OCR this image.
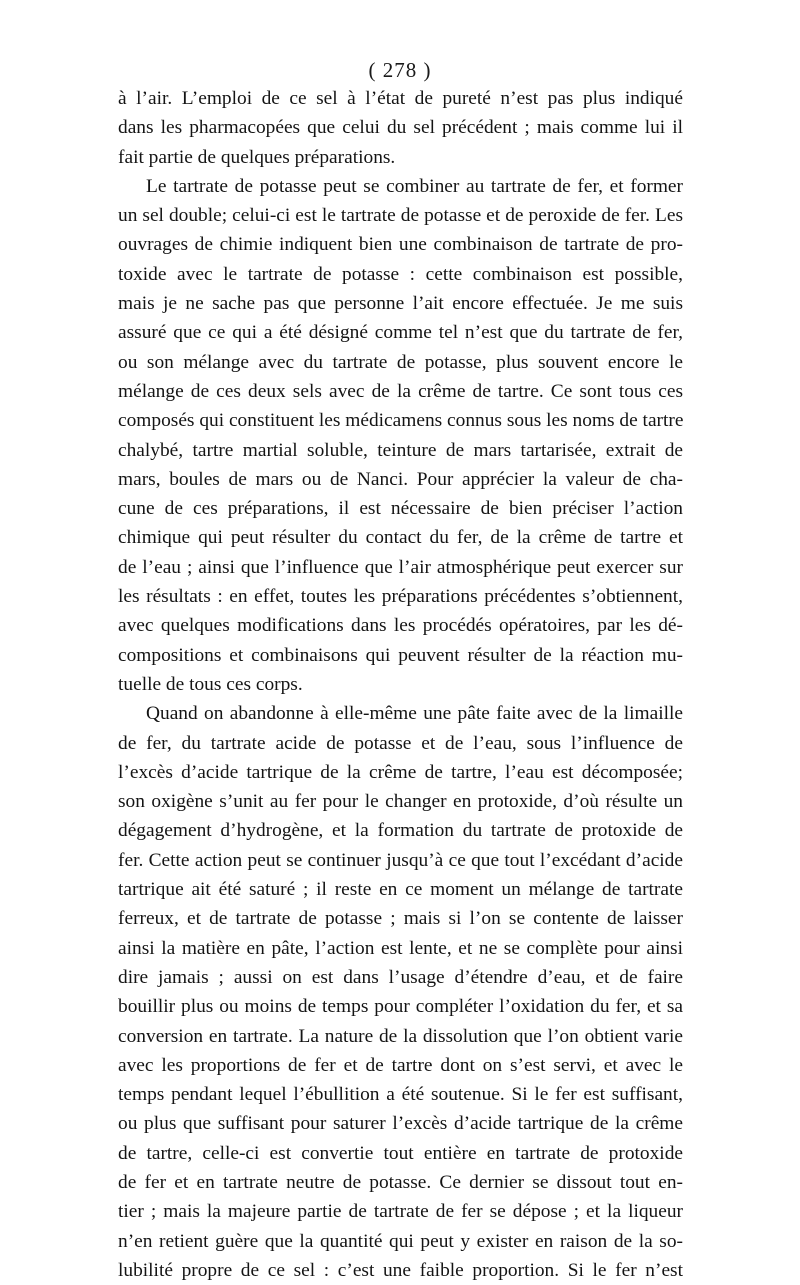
( 278 )
à l’air. L’emploi de ce sel à l’état de pureté n’est pas plus indiqué
dans les pharmacopées que celui du sel précédent ; mais comme lui il
fait partie de quelques préparations.
Le tartrate de potasse peut se combiner au tartrate de fer, et former
un sel double; celui-ci est le tartrate de potasse et de peroxide de fer. Les
ouvrages de chimie indiquent bien une combinaison de tartrate de pro-
toxide avec le tartrate de potasse : cette combinaison est possible,
mais je ne sache pas que personne l’ait encore effectuée. Je me suis
assuré que ce qui a été désigné comme tel n’est que du tartrate de fer,
ou son mélange avec du tartrate de potasse, plus souvent encore le
mélange de ces deux sels avec de la crême de tartre. Ce sont tous ces
composés qui constituent les médicamens connus sous les noms de tartre
chalybé, tartre martial soluble, teinture de mars tartarisée, extrait de
mars, boules de mars ou de Nanci. Pour apprécier la valeur de cha-
cune de ces préparations, il est nécessaire de bien préciser l’action
chimique qui peut résulter du contact du fer, de la crême de tartre et
de l’eau ; ainsi que l’influence que l’air atmosphérique peut exercer sur
les résultats : en effet, toutes les préparations précédentes s’obtiennent,
avec quelques modifications dans les procédés opératoires, par les dé-
compositions et combinaisons qui peuvent résulter de la réaction mu-
tuelle de tous ces corps.
Quand on abandonne à elle-même une pâte faite avec de la limaille
de fer, du tartrate acide de potasse et de l’eau, sous l’influence de
l’excès d’acide tartrique de la crême de tartre, l’eau est décomposée;
son oxigène s’unit au fer pour le changer en protoxide, d’où résulte un
dégagement d’hydrogène, et la formation du tartrate de protoxide de
fer. Cette action peut se continuer jusqu’à ce que tout l’excédant d’acide
tartrique ait été saturé ; il reste en ce moment un mélange de tartrate
ferreux, et de tartrate de potasse ; mais si l’on se contente de laisser
ainsi la matière en pâte, l’action est lente, et ne se complète pour ainsi
dire jamais ; aussi on est dans l’usage d’étendre d’eau, et de faire
bouillir plus ou moins de temps pour compléter l’oxidation du fer, et sa
conversion en tartrate. La nature de la dissolution que l’on obtient varie
avec les proportions de fer et de tartre dont on s’est servi, et avec le
temps pendant lequel l’ébullition a été soutenue. Si le fer est suffisant,
ou plus que suffisant pour saturer l’excès d’acide tartrique de la crême
de tartre, celle-ci est convertie tout entière en tartrate de protoxide
de fer et en tartrate neutre de potasse. Ce dernier se dissout tout en-
tier ; mais la majeure partie de tartrate de fer se dépose ; et la liqueur
n’en retient guère que la quantité qui peut y exister en raison de la so-
lubilité propre de ce sel : c’est une faible proportion. Si le fer n’est
